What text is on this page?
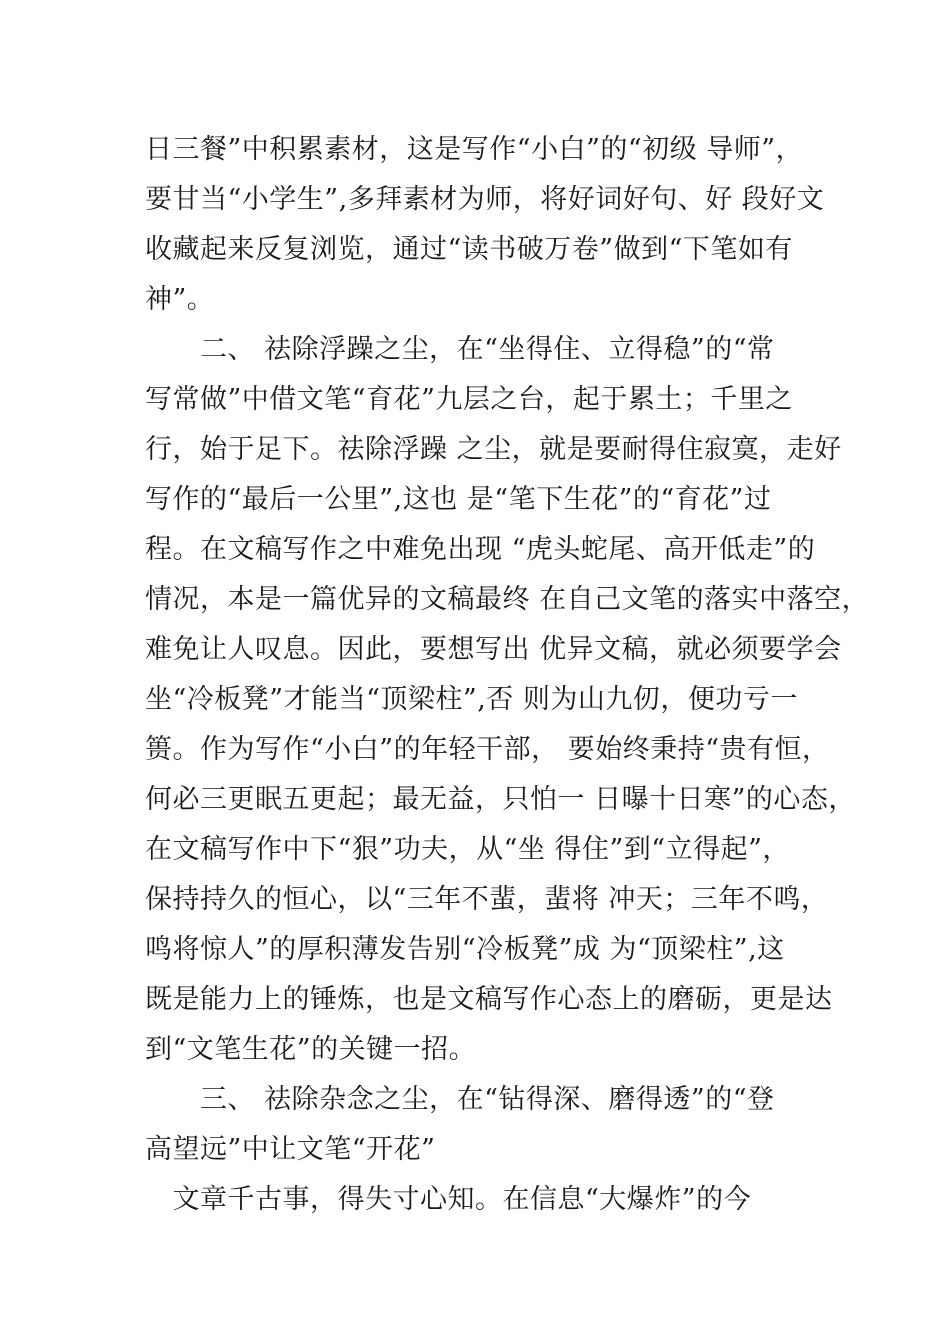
日三餐”中积累素材，这是写作“小白”的“初级 导师”，
要甘当“小学生”,多拜素材为师，将好词好句、好 段好文
收藏起来反复浏览，通过“读书破万卷”做到“下笔如有
神”。
　　二、 祛除浮躁之尘，在“坐得住、立得稳”的“常
写常做”中借文笔“育花”九层之台，起于累土；千里之
行，始于足下。祛除浮躁 之尘，就是要耐得住寂寞，走好
写作的“最后一公里”,这也 是“笔下生花”的“育花”过
程。在文稿写作之中难免出现 “虎头蛇尾、高开低走”的
情况，本是一篇优异的文稿最终 在自己文笔的落实中落空，
难免让人叹息。因此，要想写出 优异文稿，就必须要学会
坐“冷板凳”才能当“顶梁柱”,否 则为山九仞，便功亏一
篑。作为写作“小白”的年轻干部， 要始终秉持“贵有恒，
何必三更眠五更起；最无益，只怕一 日曝十日寒”的心态，
在文稿写作中下“狠”功夫，从“坐 得住”到“立得起”，
保持持久的恒心，以“三年不蜚，蜚将 冲天；三年不鸣，
鸣将惊人”的厚积薄发告别“冷板凳”成 为“顶梁柱”,这
既是能力上的锤炼，也是文稿写作心态上的磨砺，更是达
到“文笔生花”的关键一招。
　　三、 祛除杂念之尘，在“钻得深、磨得透”的“登
高望远”中让文笔“开花”
　文章千古事，得失寸心知。在信息“大爆炸”的今
